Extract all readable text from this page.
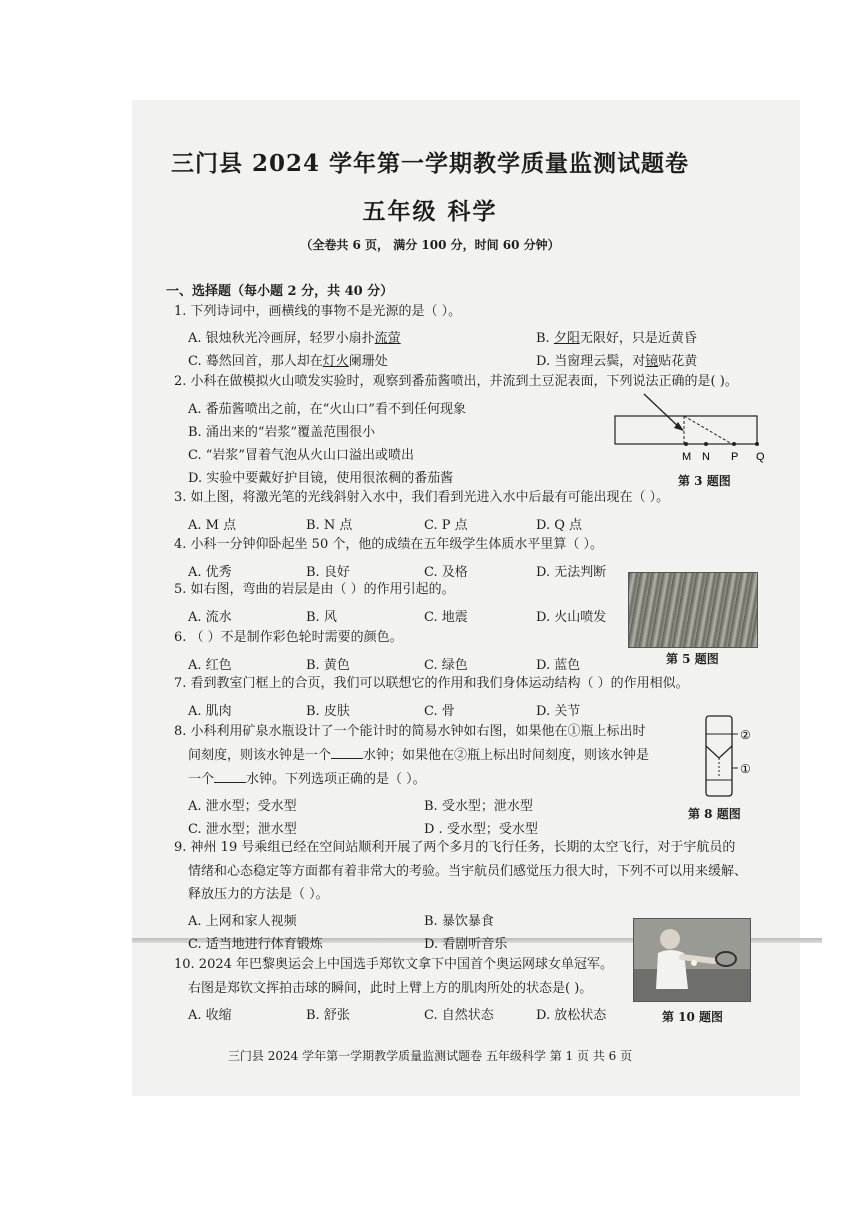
三门县 2024 学年第一学期教学质量监测试题卷
五年级 科学
（全卷共 6 页， 满分 100 分，时间 60 分钟）
一、选择题（每小题 2 分，共 40 分）
1. 下列诗词中，画横线的事物不是光源的是（ ）。
A. 银烛秋光冷画屏，轻罗小扇扑流萤	B. 夕阳无限好，只是近黄昏
C. 蓦然回首，那人却在灯火阑珊处	D. 当窗理云鬓，对镜贴花黄
2. 小科在做模拟火山喷发实验时，观察到番茄酱喷出，并流到土豆泥表面，下列说法正确的是( )。
A. 番茄酱喷出之前，在“火山口”看不到任何现象
B. 涌出来的“岩浆”覆盖范围很小
C. “岩浆”冒着气泡从火山口溢出或喷出
D. 实验中要戴好护目镜，使用很浓稠的番茄酱
M N P Q
第 3 题图
3. 如上图，将激光笔的光线斜射入水中，我们看到光进入水中后最有可能出现在（ ）。
A. M 点	B. N 点	C. P 点	D. Q 点
4. 小科一分钟仰卧起坐 50 个，他的成绩在五年级学生体质水平里算（ ）。
A. 优秀	B. 良好	C. 及格	D. 无法判断
第 5 题图
5. 如右图，弯曲的岩层是由（ ）的作用引起的。
A. 流水	B. 风	C. 地震	D. 火山喷发
6. （ ）不是制作彩色轮时需要的颜色。
A. 红色	B. 黄色	C. 绿色	D. 蓝色
7. 看到教室门框上的合页，我们可以联想它的作用和我们身体运动结构（ ）的作用相似。
A. 肌肉	B. 皮肤	C. 骨	D. 关节
②
①
第 8 题图
8. 小科利用矿泉水瓶设计了一个能计时的简易水钟如右图，如果他在①瓶上标出时
间刻度，则该水钟是一个 水钟；如果他在②瓶上标出时间刻度，则该水钟是
一个 水钟。下列选项正确的是（ ）。
A. 泄水型；受水型	B. 受水型；泄水型
C. 泄水型；泄水型	D . 受水型；受水型
9. 神州 19 号乘组已经在空间站顺利开展了两个多月的飞行任务，长期的太空飞行，对于宇航员的
情绪和心态稳定等方面都有着非常大的考验。当宇航员们感觉压力很大时，下列不可以用来缓解、
释放压力的方法是（ ）。
A. 上网和家人视频	B. 暴饮暴食
C. 适当地进行体育锻炼	D. 看剧听音乐
第 10 题图
10. 2024 年巴黎奥运会上中国选手郑钦文拿下中国首个奥运网球女单冠军。
右图是郑钦文挥拍击球的瞬间，此时上臂上方的肌肉所处的状态是( )。
A. 收缩	B. 舒张	C. 自然状态	D. 放松状态
三门县 2024 学年第一学期教学质量监测试题卷 五年级科学 第 1 页 共 6 页
